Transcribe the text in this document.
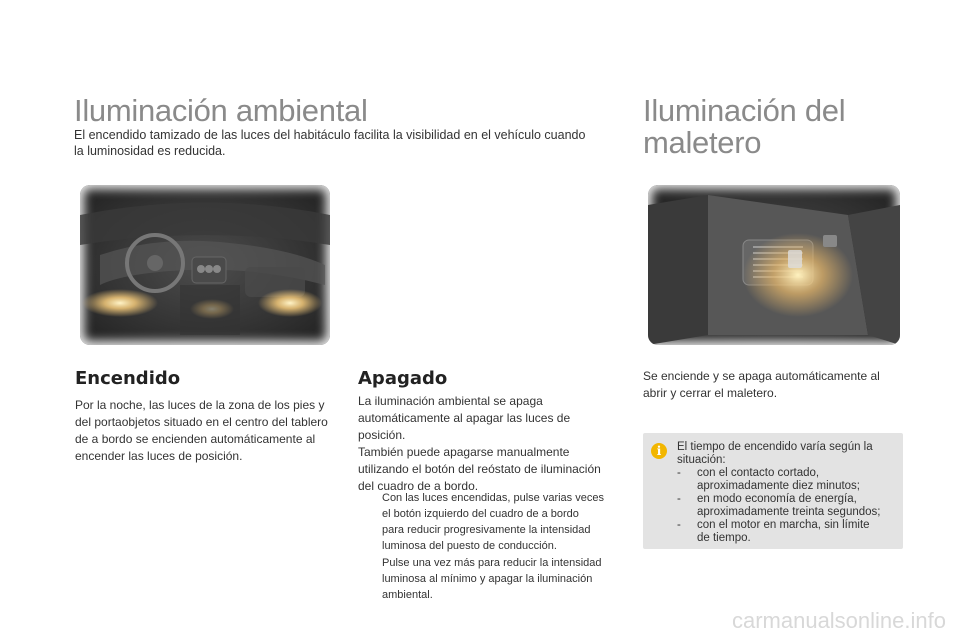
Iluminación ambiental
El encendido tamizado de las luces del habitáculo facilita la visibilidad en el vehículo cuando
la luminosidad es reducida.
Encendido
Por la noche, las luces de la zona de los pies y
del portaobjetos situado en el centro del tablero
de a bordo se encienden automáticamente al
encender las luces de posición.
Apagado
La iluminación ambiental se apaga
automáticamente al apagar las luces de
posición.
También puede apagarse manualmente
utilizando el botón del reóstato de iluminación
del cuadro de a bordo.
Con las luces encendidas, pulse varias veces
el botón izquierdo del cuadro de a bordo
para reducir progresivamente la intensidad
luminosa del puesto de conducción.
Pulse una vez más para reducir la intensidad
luminosa al mínimo y apagar la iluminación
ambiental.
Iluminación del
maletero
Se enciende y se apaga automáticamente al
abrir y cerrar el maletero.
i	El tiempo de encendido varía según la
situación:
-	con el contacto cortado,
aproximadamente diez minutos;
-	en modo economía de energía,
aproximadamente treinta segundos;
-	con el motor en marcha, sin límite
de tiempo.
carmanualsonline.info
